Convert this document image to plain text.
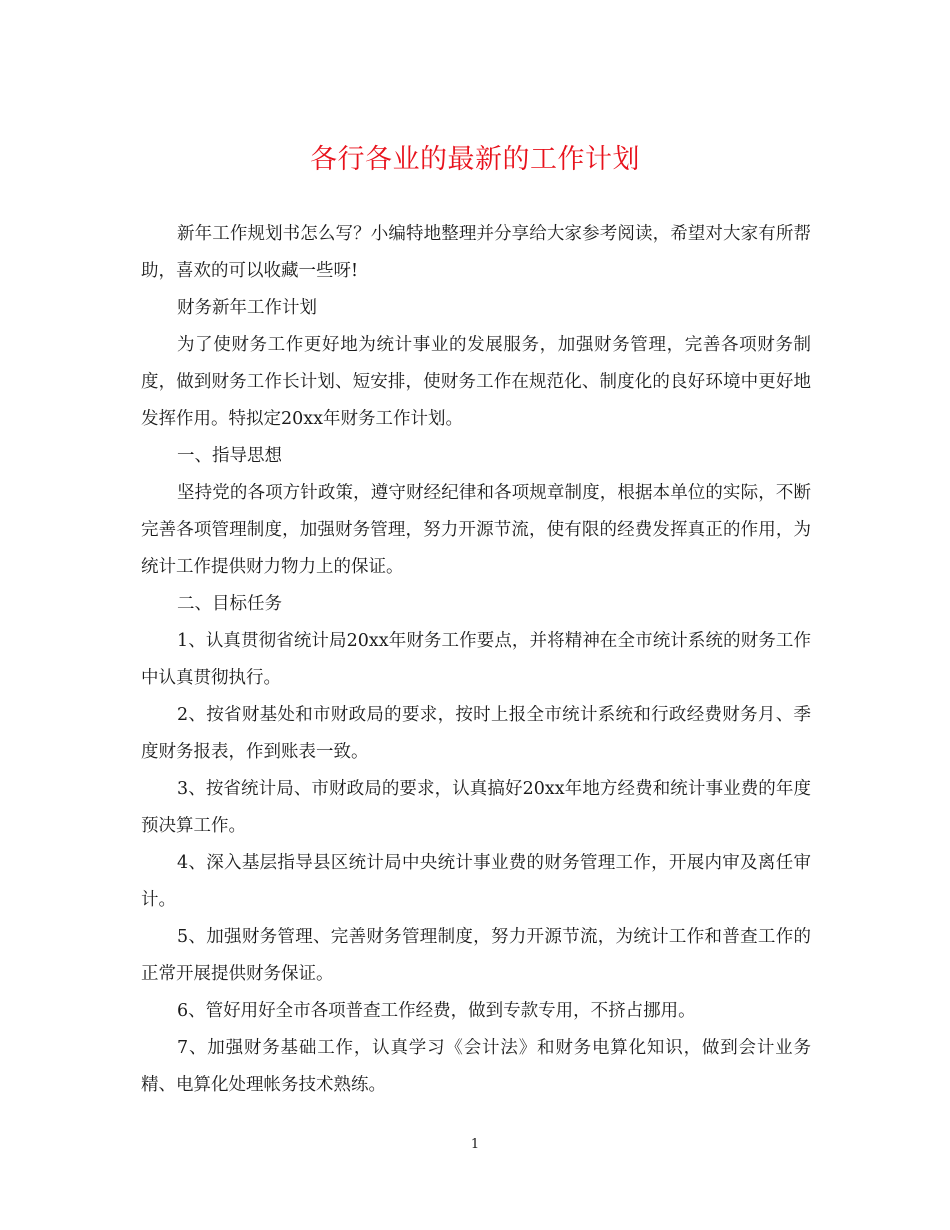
各行各业的最新的工作计划

新年工作规划书怎么写？小编特地整理并分享给大家参考阅读，希望对大家有所帮助，喜欢的可以收藏一些呀!

财务新年工作计划

为了使财务工作更好地为统计事业的发展服务，加强财务管理，完善各项财务制度，做到财务工作长计划、短安排，使财务工作在规范化、制度化的良好环境中更好地发挥作用。特拟定20xx年财务工作计划。

一、指导思想

坚持党的各项方针政策，遵守财经纪律和各项规章制度，根据本单位的实际，不断完善各项管理制度，加强财务管理，努力开源节流，使有限的经费发挥真正的作用，为统计工作提供财力物力上的保证。

二、目标任务

1、认真贯彻省统计局20xx年财务工作要点，并将精神在全市统计系统的财务工作中认真贯彻执行。

2、按省财基处和市财政局的要求，按时上报全市统计系统和行政经费财务月、季度财务报表，作到账表一致。

3、按省统计局、市财政局的要求，认真搞好20xx年地方经费和统计事业费的年度预决算工作。

4、深入基层指导县区统计局中央统计事业费的财务管理工作，开展内审及离任审计。

5、加强财务管理、完善财务管理制度，努力开源节流，为统计工作和普查工作的正常开展提供财务保证。

6、管好用好全市各项普查工作经费，做到专款专用，不挤占挪用。

7、加强财务基础工作，认真学习《会计法》和财务电算化知识，做到会计业务精、电算化处理帐务技术熟练。

1
